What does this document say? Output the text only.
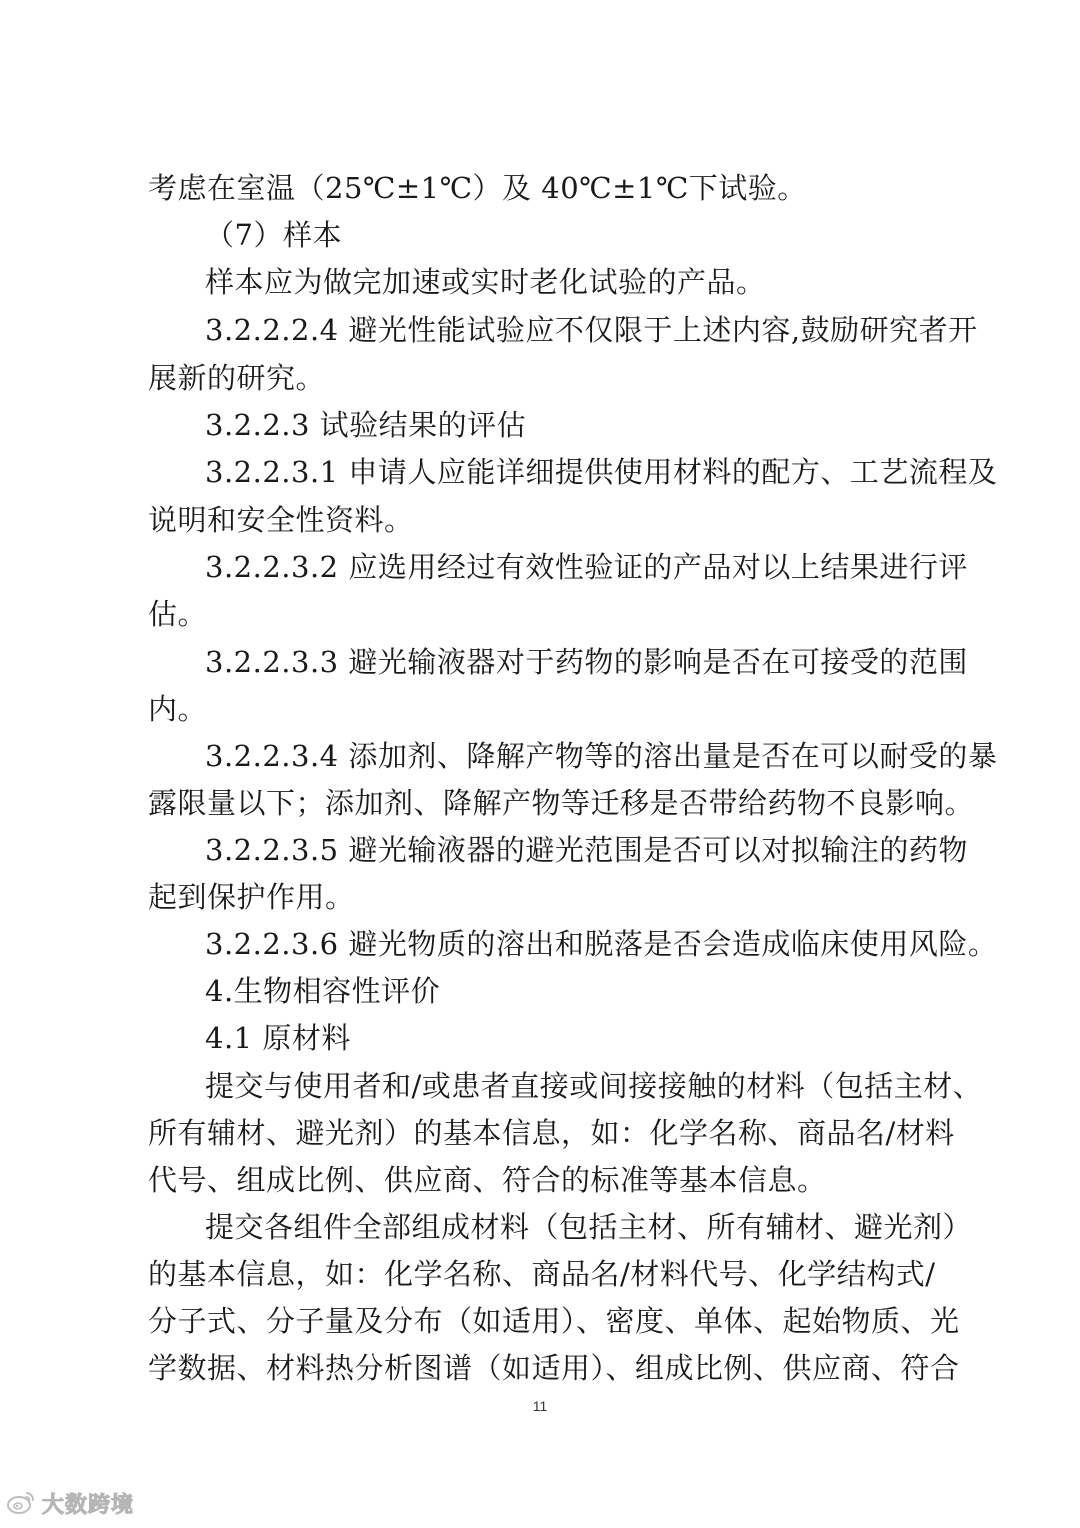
考虑在室温（25℃±1℃）及 40℃±1℃下试验。
（7）样本
样本应为做完加速或实时老化试验的产品。
3.2.2.2.4 避光性能试验应不仅限于上述内容,鼓励研究者开
展新的研究。
3.2.2.3 试验结果的评估
3.2.2.3.1 申请人应能详细提供使用材料的配方、工艺流程及
说明和安全性资料。
3.2.2.3.2 应选用经过有效性验证的产品对以上结果进行评
估。
3.2.2.3.3 避光输液器对于药物的影响是否在可接受的范围
内。
3.2.2.3.4 添加剂、降解产物等的溶出量是否在可以耐受的暴
露限量以下；添加剂、降解产物等迁移是否带给药物不良影响。
3.2.2.3.5 避光输液器的避光范围是否可以对拟输注的药物
起到保护作用。
3.2.2.3.6 避光物质的溶出和脱落是否会造成临床使用风险。
4.生物相容性评价
4.1 原材料
提交与使用者和/或患者直接或间接接触的材料（包括主材、
所有辅材、避光剂）的基本信息，如：化学名称、商品名/材料
代号、组成比例、供应商、符合的标准等基本信息。
提交各组件全部组成材料（包括主材、所有辅材、避光剂）
的基本信息，如：化学名称、商品名/材料代号、化学结构式/
分子式、分子量及分布（如适用）、密度、单体、起始物质、光
学数据、材料热分析图谱（如适用）、组成比例、供应商、符合
11
大数跨境
